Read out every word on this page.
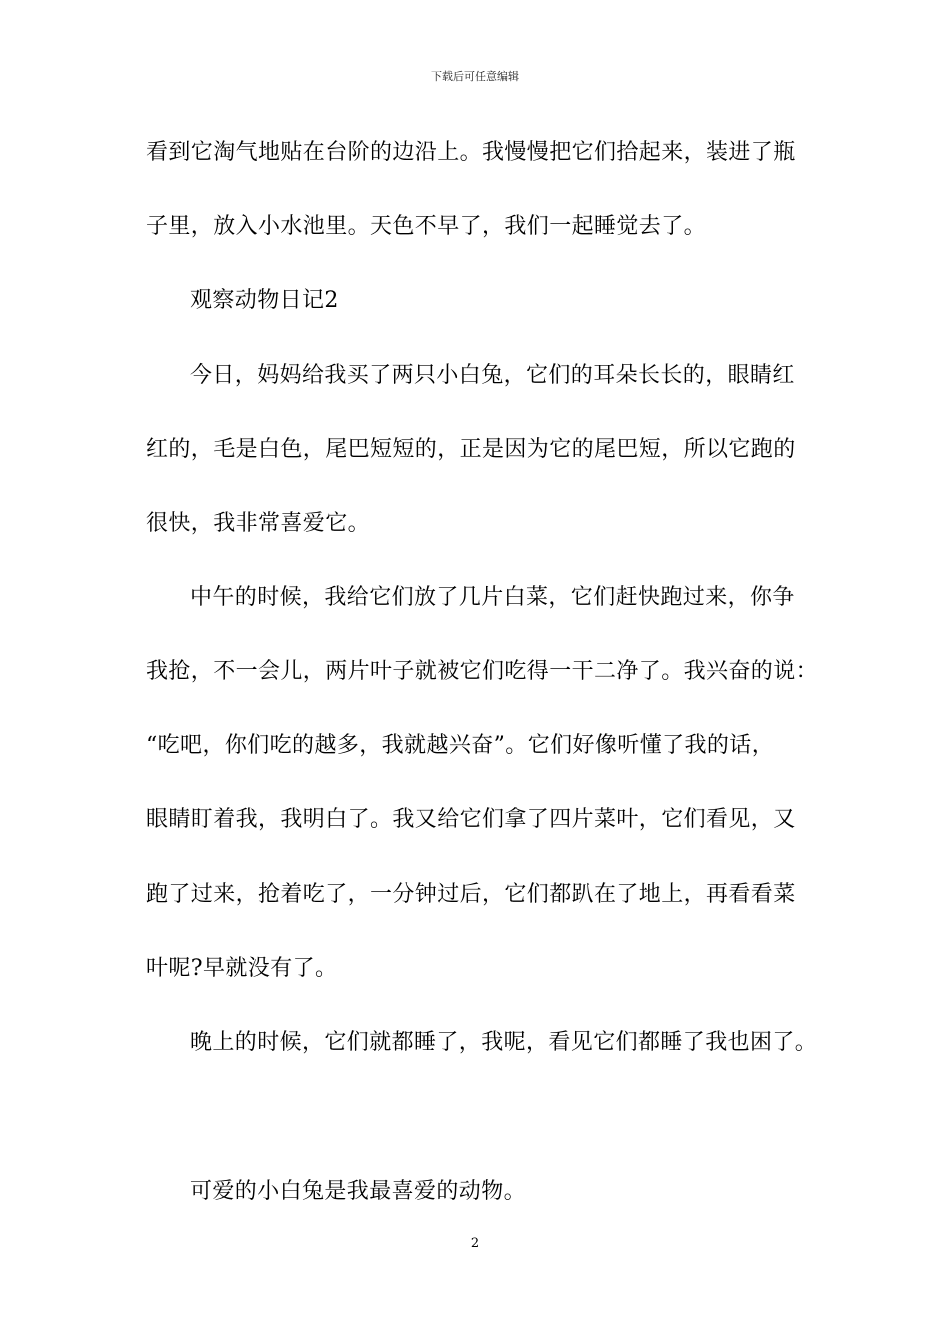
下载后可任意编辑
看到它淘气地贴在台阶的边沿上。我慢慢把它们拾起来，装进了瓶
子里，放入小水池里。天色不早了，我们一起睡觉去了。
观察动物日记2
今日，妈妈给我买了两只小白兔，它们的耳朵长长的，眼睛红
红的，毛是白色，尾巴短短的，正是因为它的尾巴短，所以它跑的
很快，我非常喜爱它。
中午的时候，我给它们放了几片白菜，它们赶快跑过来，你争
我抢，不一会儿，两片叶子就被它们吃得一干二净了。我兴奋的说：
“吃吧，你们吃的越多，我就越兴奋”。它们好像听懂了我的话，
眼睛盯着我，我明白了。我又给它们拿了四片菜叶，它们看见，又
跑了过来，抢着吃了，一分钟过后，它们都趴在了地上，再看看菜
叶呢?早就没有了。
晚上的时候，它们就都睡了，我呢，看见它们都睡了我也困了。
可爱的小白兔是我最喜爱的动物。
2
